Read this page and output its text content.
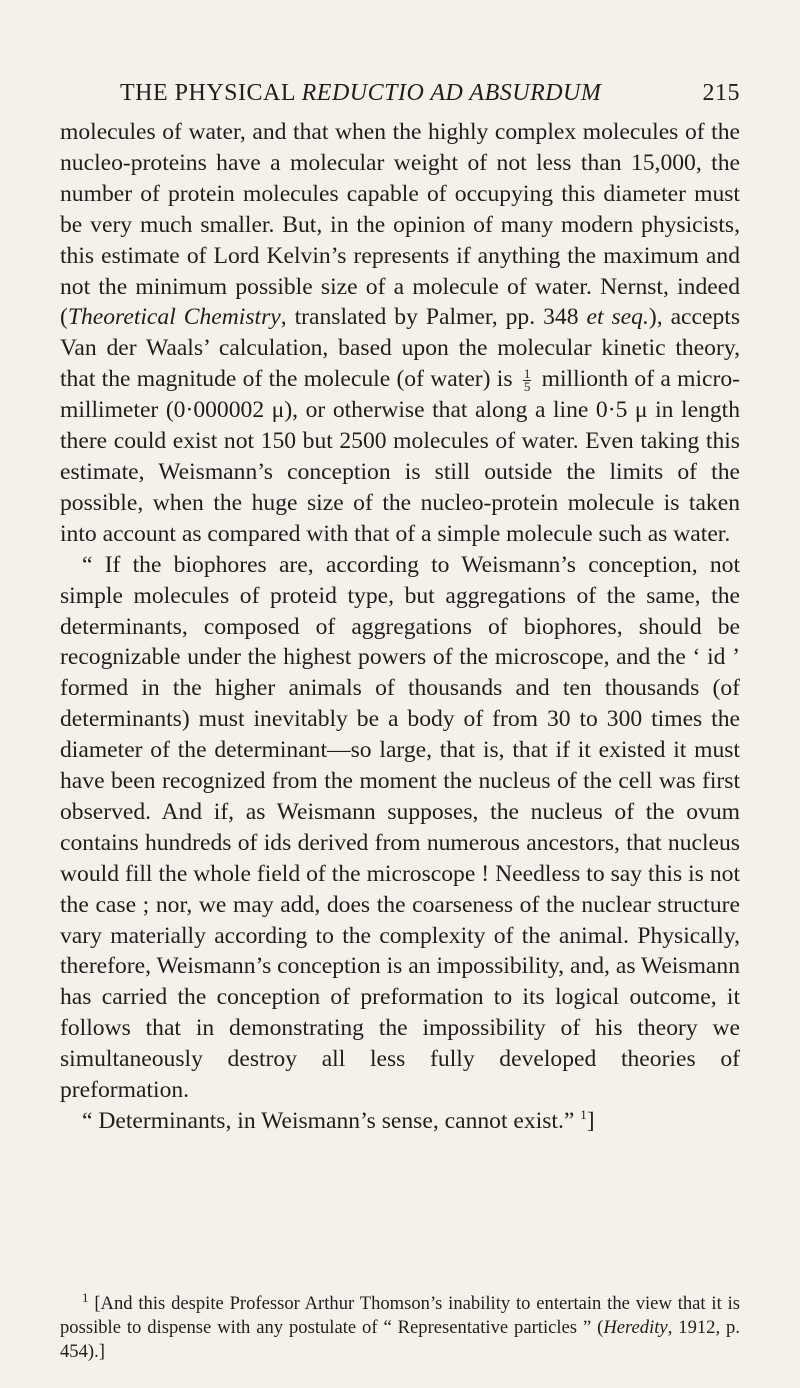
THE PHYSICAL REDUCTIO AD ABSURDUM	215

molecules of water, and that when the highly complex molecules of the nucleo-proteins have a molecular weight of not less than 15,000, the number of protein molecules capable of occupying this diameter must be very much smaller. But, in the opinion of many modern physicists, this estimate of Lord Kelvin’s represents if anything the maximum and not the minimum possible size of a molecule of water. Nernst, indeed (Theoretical Chemistry, translated by Palmer, pp. 348 et seq.), accepts Van der Waals’ calculation, based upon the molecular kinetic theory, that the magnitude of the molecule (of water) is $\frac{1}{5}$ millionth of a micro-millimeter (0·000002 μ), or otherwise that along a line 0·5 μ in length there could exist not 150 but 2500 molecules of water. Even taking this estimate, Weismann’s conception is still outside the limits of the possible, when the huge size of the nucleo-protein molecule is taken into account as compared with that of a simple molecule such as water.

“ If the biophores are, according to Weismann’s conception, not simple molecules of proteid type, but aggregations of the same, the determinants, composed of aggregations of biophores, should be recognizable under the highest powers of the microscope, and the ‘ id ’ formed in the higher animals of thousands and ten thousands (of determinants) must inevitably be a body of from 30 to 300 times the diameter of the determinant—so large, that is, that if it existed it must have been recognized from the moment the nucleus of the cell was first observed. And if, as Weismann supposes, the nucleus of the ovum contains hundreds of ids derived from numerous ancestors, that nucleus would fill the whole field of the microscope ! Needless to say this is not the case ; nor, we may add, does the coarseness of the nuclear structure vary materially according to the complexity of the animal. Physically, therefore, Weismann’s conception is an impossibility, and, as Weismann has carried the conception of preformation to its logical outcome, it follows that in demonstrating the impossibility of his theory we simultaneously destroy all less fully developed theories of preformation.

“ Determinants, in Weismann’s sense, cannot exist.” $^1$]

$^1$ [And this despite Professor Arthur Thomson’s inability to entertain the view that it is possible to dispense with any postulate of “ Representative particles ” (Heredity, 1912, p. 454).]
